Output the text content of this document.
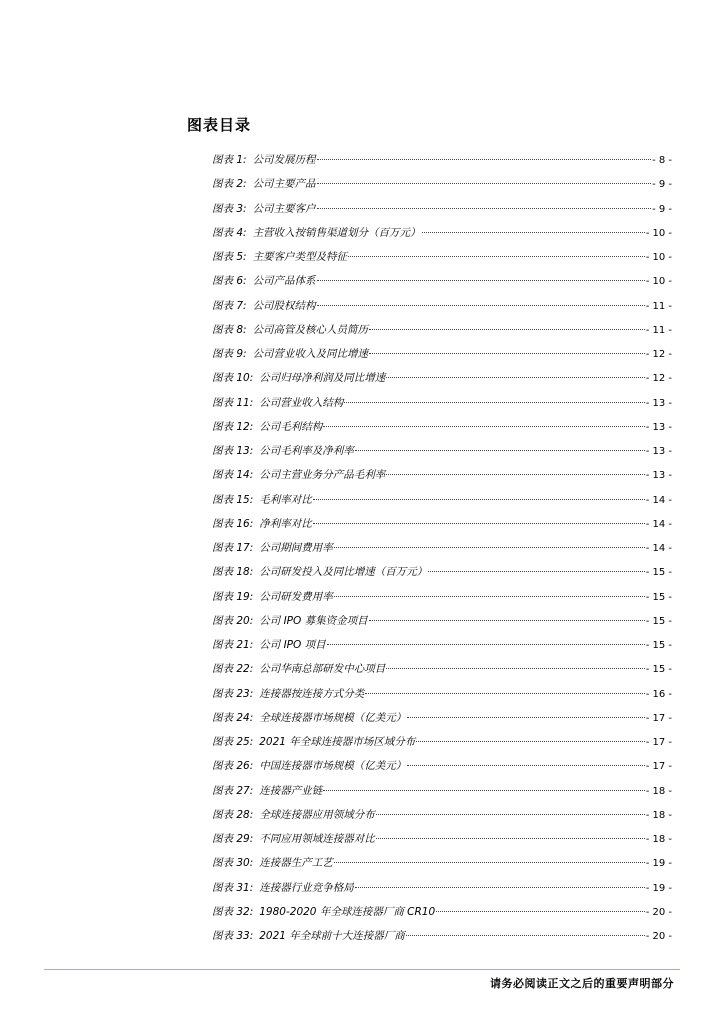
图表目录
图表 1: 公司发展历程	- 8 -
图表 2: 公司主要产品	- 9 -
图表 3: 公司主要客户	- 9 -
图表 4: 主营收入按销售渠道划分（百万元）	- 10 -
图表 5: 主要客户类型及特征	- 10 -
图表 6: 公司产品体系	- 10 -
图表 7: 公司股权结构	- 11 -
图表 8: 公司高管及核心人员简历	- 11 -
图表 9: 公司营业收入及同比增速	- 12 -
图表 10: 公司归母净利润及同比增速	- 12 -
图表 11: 公司营业收入结构	- 13 -
图表 12: 公司毛利结构	- 13 -
图表 13: 公司毛利率及净利率	- 13 -
图表 14: 公司主营业务分产品毛利率	- 13 -
图表 15: 毛利率对比	- 14 -
图表 16: 净利率对比	- 14 -
图表 17: 公司期间费用率	- 14 -
图表 18: 公司研发投入及同比增速（百万元）	- 15 -
图表 19: 公司研发费用率	- 15 -
图表 20: 公司 IPO 募集资金项目	- 15 -
图表 21: 公司 IPO 项目	- 15 -
图表 22: 公司华南总部研发中心项目	- 15 -
图表 23: 连接器按连接方式分类	- 16 -
图表 24: 全球连接器市场规模（亿美元）	- 17 -
图表 25: 2021 年全球连接器市场区域分布	- 17 -
图表 26: 中国连接器市场规模（亿美元）	- 17 -
图表 27: 连接器产业链	- 18 -
图表 28: 全球连接器应用领域分布	- 18 -
图表 29: 不同应用领域连接器对比	- 18 -
图表 30: 连接器生产工艺	- 19 -
图表 31: 连接器行业竞争格局	- 19 -
图表 32: 1980-2020 年全球连接器厂商 CR10	- 20 -
图表 33: 2021 年全球前十大连接器厂商	- 20 -
请务必阅读正文之后的重要声明部分
